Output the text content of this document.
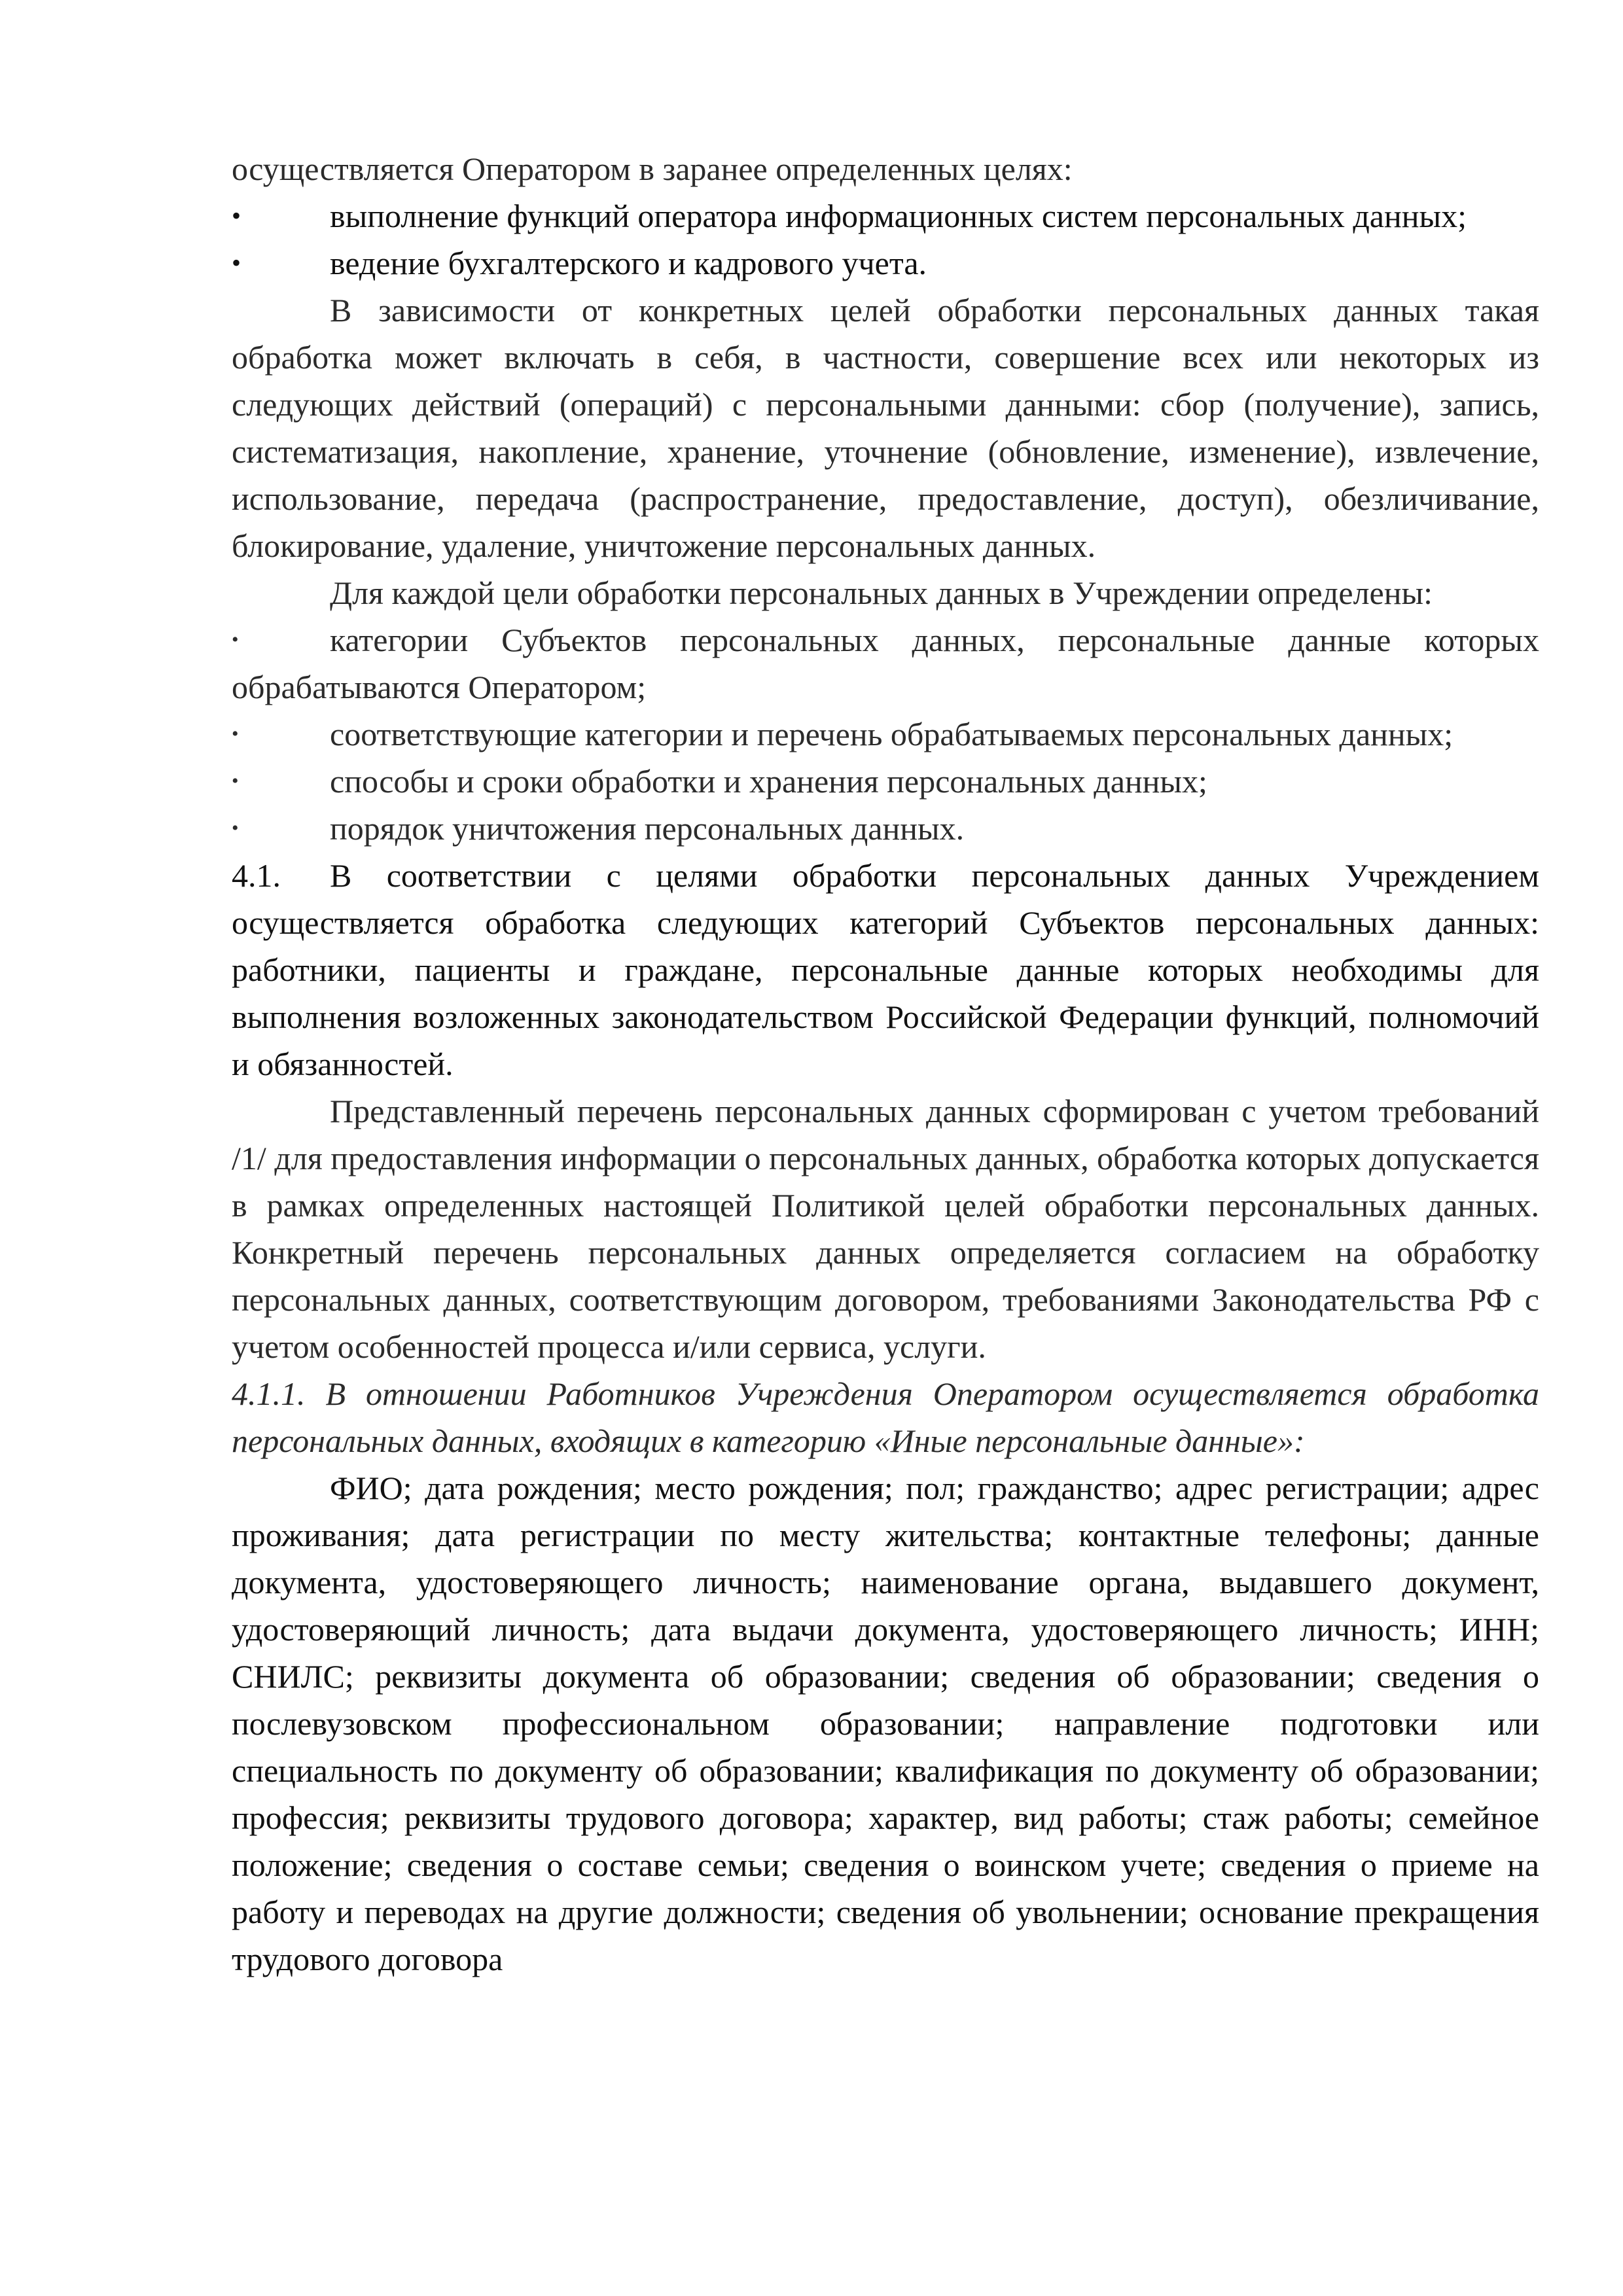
осуществляется Оператором в заранее определенных целях:

•	выполнение функций оператора информационных систем персональных данных;

•	ведение бухгалтерского и кадрового учета.

В зависимости от конкретных целей обработки персональных данных такая обработка может включать в себя, в частности, совершение всех или некоторых из следующих действий (операций) с персональными данными: сбор (получение), запись, систематизация, накопление, хранение, уточнение (обновление, изменение), извлечение, использование, передача (распространение, предоставление, доступ), обезличивание, блокирование, удаление, уничтожение персональных данных.

Для каждой цели обработки персональных данных в Учреждении определены:

•	категории Субъектов персональных данных, персональные данные которых обрабатываются Оператором;

•	соответствующие категории и перечень обрабатываемых персональных данных;

•	способы и сроки обработки и хранения персональных данных;

•	порядок уничтожения персональных данных.

4.1. В соответствии с целями обработки персональных данных Учреждением осуществляется обработка следующих категорий Субъектов персональных данных: работники, пациенты и граждане, персональные данные которых необходимы для выполнения возложенных законодательством Российской Федерации функций, полномочий и обязанностей.

Представленный перечень персональных данных сформирован с учетом требований /1/ для предоставления информации о персональных данных, обработка которых допускается в рамках определенных настоящей Политикой целей обработки персональных данных. Конкретный перечень персональных данных определяется согласием на обработку персональных данных, соответствующим договором, требованиями Законодательства РФ с учетом особенностей процесса и/или сервиса, услуги.

4.1.1. В отношении Работников Учреждения Оператором осуществляется обработка персональных данных, входящих в категорию «Иные персональные данные»:

ФИО; дата рождения; место рождения; пол; гражданство; адрес регистрации; адрес проживания; дата регистрации по месту жительства; контактные телефоны; данные документа, удостоверяющего личность; наименование органа, выдавшего документ, удостоверяющий личность; дата выдачи документа, удостоверяющего личность; ИНН; СНИЛС; реквизиты документа об образовании; сведения об образовании; сведения о послевузовском профессиональном образовании; направление подготовки или специальность по документу об образовании; квалификация по документу об образовании; профессия; реквизиты трудового договора; характер, вид работы; стаж работы; семейное положение; сведения о составе семьи; сведения о воинском учете; сведения о приеме на работу и переводах на другие должности; сведения об увольнении; основание прекращения трудового договора
